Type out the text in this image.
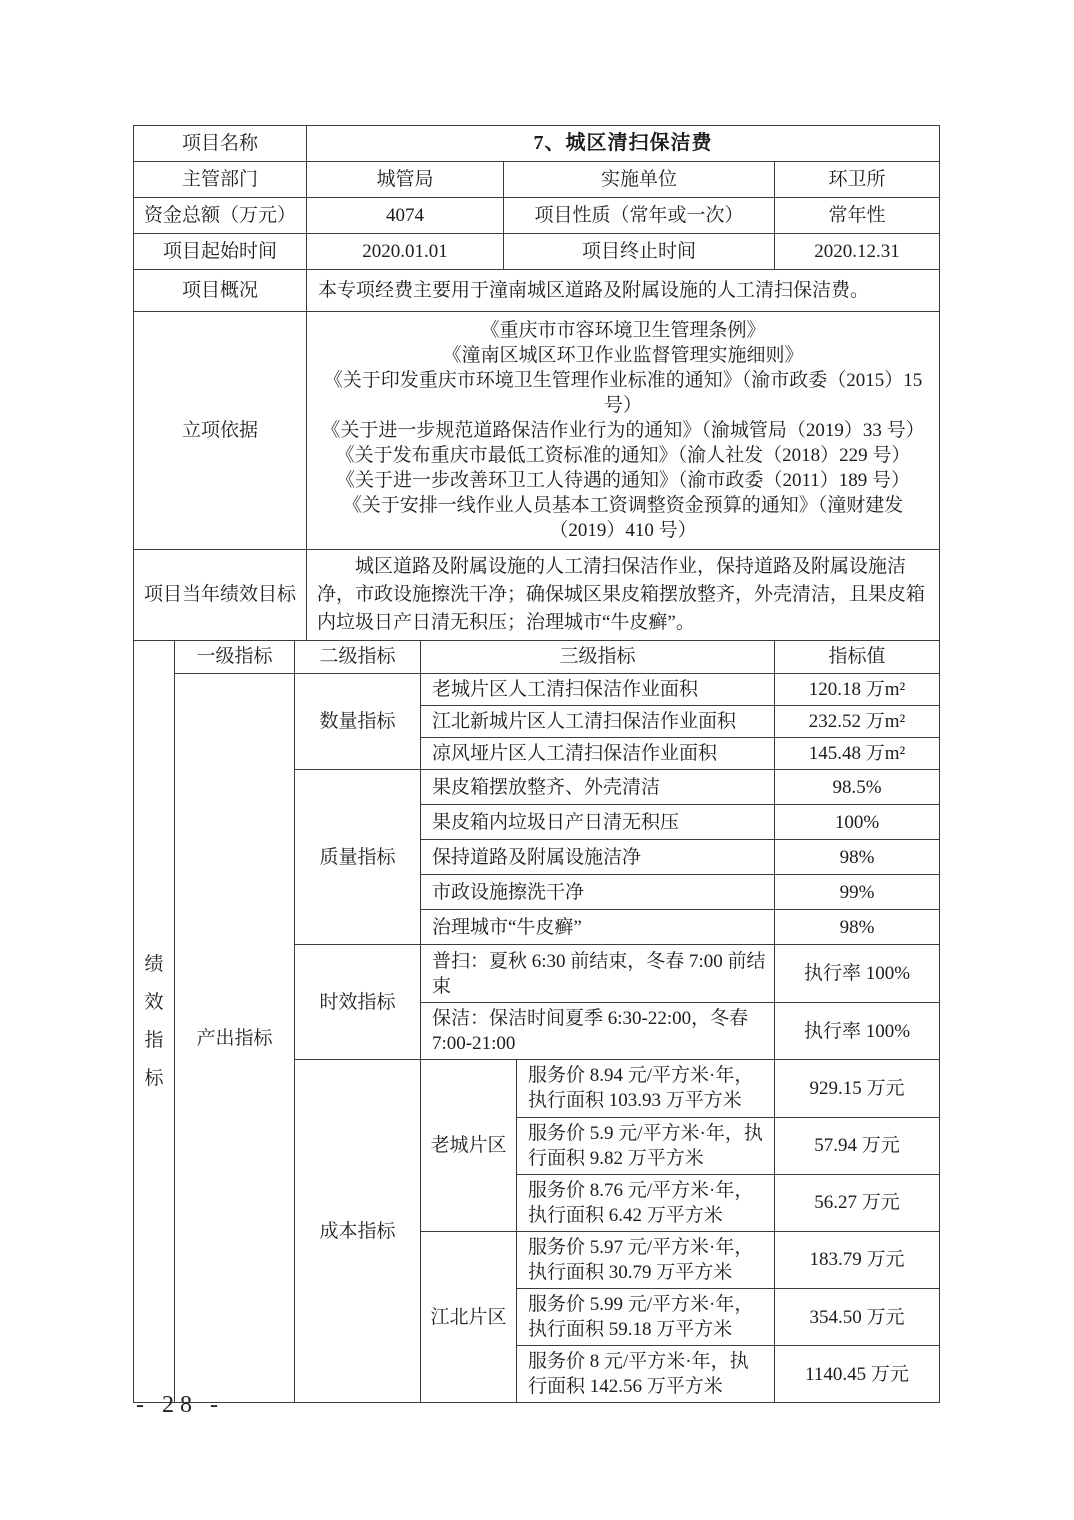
项目名称	7、城区清扫保洁费		
主管部门	城管局	实施单位	环卫所
资金总额（万元）	4074	项目性质（常年或一次）	常年性
项目起始时间	2020.01.01	项目终止时间	2020.12.31
项目概况	本专项经费主要用于潼南城区道路及附属设施的人工清扫保洁费。		
立项依据	
《重庆市市容环境卫生管理条例》
《潼南区城区环卫作业监督管理实施细则》
《关于印发重庆市环境卫生管理作业标准的通知》（渝市政委（2015）15
号）
《关于进一步规范道路保洁作业行为的通知》（渝城管局（2019）33 号）
《关于发布重庆市最低工资标准的通知》（渝人社发（2018）229 号）
《关于进一步改善环卫工人待遇的通知》（渝市政委（2011）189 号）
《关于安排一线作业人员基本工资调整资金预算的通知》（潼财建发
（2019）410 号）

项目当年绩效目标	城区道路及附属设施的人工清扫保洁作业，保持道路及附属设施洁净，市政设施擦洗干净；确保城区果皮箱摆放整齐，外壳清洁，且果皮箱内垃圾日产日清无积压；治理城市“牛皮癣”。		

绩效指标	一级指标	二级指标	三级指标		指标值
	产出指标	数量指标	老城片区人工清扫保洁作业面积		120.18 万m²
			江北新城片区人工清扫保洁作业面积		232.52 万m²
			凉风垭片区人工清扫保洁作业面积		145.48 万m²
		质量指标	果皮箱摆放整齐、外壳清洁		98.5%
			果皮箱内垃圾日产日清无积压		100%
			保持道路及附属设施洁净		98%
			市政设施擦洗干净		99%
			治理城市“牛皮癣”		98%
		时效指标	普扫：夏秋 6:30 前结束，冬春 7:00 前结束		执行率 100%
			保洁：保洁时间夏季 6:30-22:00，冬春 7:00-21:00		执行率 100%
		成本指标	老城片区	服务价 8.94 元/平方米·年，执行面积 103.93 万平方米	929.15 万元
				服务价 5.9 元/平方米·年，执行面积 9.82 万平方米	57.94 万元
				服务价 8.76 元/平方米·年，执行面积 6.42 万平方米	56.27 万元
			江北片区	服务价 5.97 元/平方米·年，执行面积 30.79 万平方米	183.79 万元
				服务价 5.99 元/平方米·年，执行面积 59.18 万平方米	354.50 万元
				服务价 8 元/平方米·年，执行面积 142.56 万平方米	1140.45 万元
- 28 -
